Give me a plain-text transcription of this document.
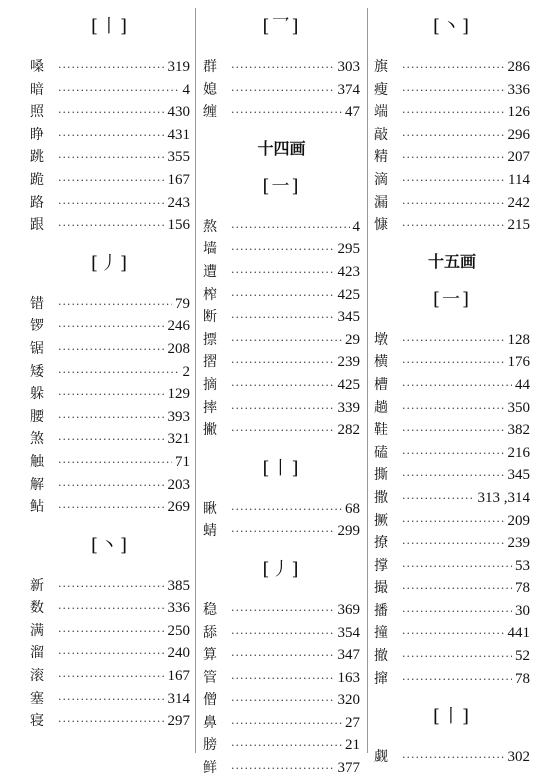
[丨]
嗓 ·····	319
暗 ·····	4
照 ·····	430
睁 ·····	431
跳 ·····	355
跪 ·····	167
路 ·····	243
跟 ·····	156
[丿]
错 ·····	79
锣 ·····	246
锯 ·····	208
矮 ·····	2
躲 ·····	129
腰 ·····	393
煞 ·····	321
触 ·····	71
解 ·····	203
鲇 ·····	269
[丶]
新 ·····	385
数 ·····	336
满 ·····	250
溜 ·····	240
滚 ·····	167
塞 ·····	314
寝 ·····	297
[乛]
群 ·····	303
媳 ·····	374
缠 ·····	47
十四画
[一]
熬 ·····	4
墙 ·····	295
遭 ·····	423
榨 ·····	425
断 ·····	345
摽 ·····	29
摺 ·····	239
摘 ·····	425
摔 ·····	339
撇 ·····	282
[丨]
瞅 ·····	68
蜻 ·····	299
[丿]
稳 ·····	369
舔 ·····	354
算 ·····	347
管 ·····	163
僧 ·····	320
鼻 ·····	27
膀 ·····	21
鲜 ·····	377
[丶]
旗 ·····	286
瘦 ·····	336
端 ·····	126
敲 ·····	296
精 ·····	207
滴 ·····	114
漏 ·····	242
慷 ·····	215
十五画
[一]
墩 ·····	128
横 ·····	176
槽 ·····	44
趟 ·····	350
鞋 ·····	382
磕 ·····	216
撕 ·····	345
撒 ·····	313 ,314
撅 ·····	209
撩 ·····	239
撑 ·····	53
撮 ·····	78
播 ·····	30
撞 ·····	441
撤 ·····	52
撺 ·····	78
[丨]
觑 ·····	302
